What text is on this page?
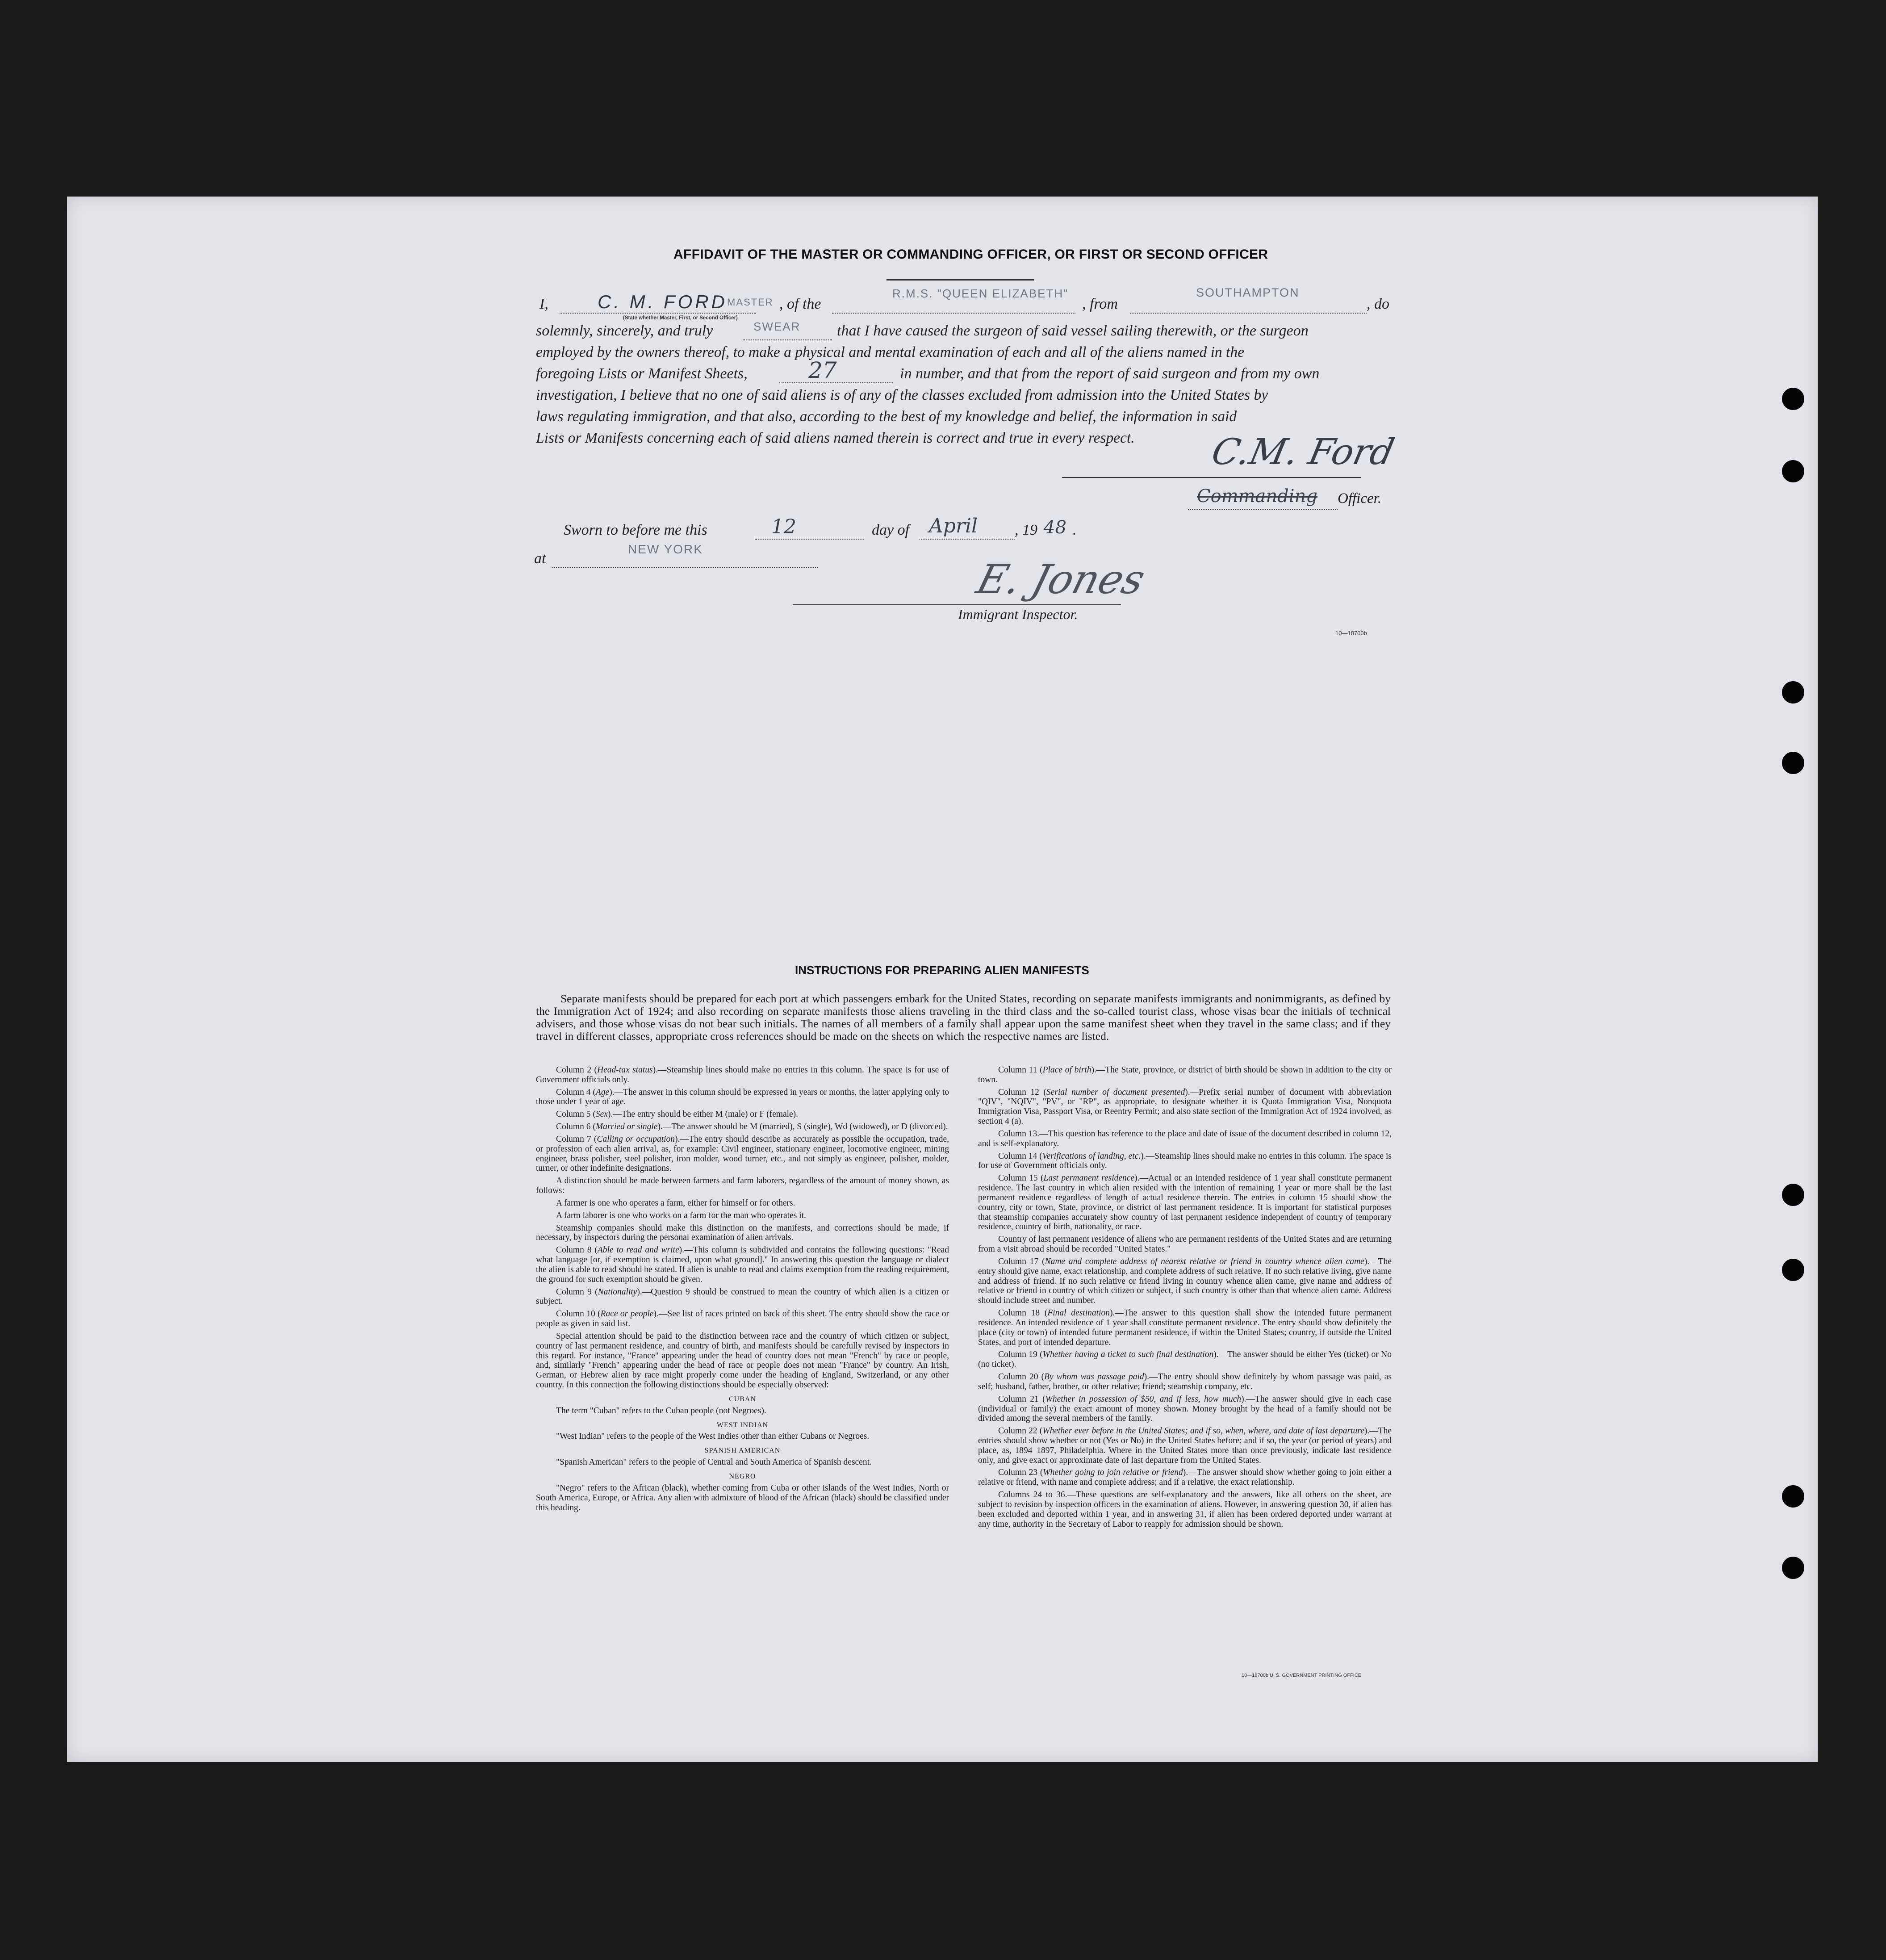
AFFIDAVIT OF THE MASTER OR COMMANDING OFFICER, OR FIRST OR SECOND OFFICER
I,	C. M. FORD MASTER , of the
R.M.S. "QUEEN ELIZABETH"
, from
SOUTHAMPTON
, do
(State whether Master, First, or Second Officer)
solemnly, sincerely, and truly	SWEAR that I have caused the surgeon of said vessel sailing therewith, or the surgeon
employed by the owners thereof, to make a physical and mental examination of each and all of the aliens named in the
foregoing Lists or Manifest Sheets,	27	in number, and that from the report of said surgeon and from my own
investigation, I believe that no one of said aliens is of any of the classes excluded from admission into the United States by
laws regulating immigration, and that also, according to the best of my knowledge and belief, the information in said
Lists or Manifests concerning each of said aliens named therein is correct and true in every respect. C.M. Ford
Commanding Officer.
Sworn to before me this	12	day of April , 19 48 .
at
NEW YORK
E. Jones
Immigrant Inspector.
10—18700b
INSTRUCTIONS FOR PREPARING ALIEN MANIFESTS

Separate manifests should be prepared for each port at which passengers embark for the United States, recording on separate manifests immigrants and nonimmigrants, as defined by the Immigration Act of 1924; and also recording on separate manifests those aliens traveling in the third class and the so-called tourist class, whose visas bear the initials of technical advisers, and those whose visas do not bear such initials. The names of all members of a family shall appear upon the same manifest sheet when they travel in the same class; and if they travel in different classes, appropriate cross references should be made on the sheets on which the respective names are listed.

Column 2 (Head-tax status).—Steamship lines should make no entries in this column. The space is for use of Government officials only.

Column 4 (Age).—The answer in this column should be expressed in years or months, the latter applying only to those under 1 year of age.

Column 5 (Sex).—The entry should be either M (male) or F (female).

Column 6 (Married or single).—The answer should be M (married), S (single), Wd (widowed), or D (divorced).

Column 7 (Calling or occupation).—The entry should describe as accurately as possible the occupation, trade, or profession of each alien arrival, as, for example: Civil engineer, stationary engineer, locomotive engineer, mining engineer, brass polisher, steel polisher, iron molder, wood turner, etc., and not simply as engineer, polisher, molder, turner, or other indefinite designations.

A distinction should be made between farmers and farm laborers, regardless of the amount of money shown, as follows:

A farmer is one who operates a farm, either for himself or for others.

A farm laborer is one who works on a farm for the man who operates it.

Steamship companies should make this distinction on the manifests, and corrections should be made, if necessary, by inspectors during the personal examination of alien arrivals.

Column 8 (Able to read and write).—This column is subdivided and contains the following questions: "Read what language [or, if exemption is claimed, upon what ground]." In answering this question the language or dialect the alien is able to read should be stated. If alien is unable to read and claims exemption from the reading requirement, the ground for such exemption should be given.

Column 9 (Nationality).—Question 9 should be construed to mean the country of which alien is a citizen or subject.

Column 10 (Race or people).—See list of races printed on back of this sheet. The entry should show the race or people as given in said list.

Special attention should be paid to the distinction between race and the country of which citizen or subject, country of last permanent residence, and country of birth, and manifests should be carefully revised by inspectors in this regard. For instance, "France" appearing under the head of country does not mean "French" by race or people, and, similarly "French" appearing under the head of race or people does not mean "France" by country. An Irish, German, or Hebrew alien by race might properly come under the heading of England, Switzerland, or any other country. In this connection the following distinctions should be especially observed:

CUBAN

The term "Cuban" refers to the Cuban people (not Negroes).

WEST INDIAN

"West Indian" refers to the people of the West Indies other than either Cubans or Negroes.

SPANISH AMERICAN

"Spanish American" refers to the people of Central and South America of Spanish descent.

NEGRO

"Negro" refers to the African (black), whether coming from Cuba or other islands of the West Indies, North or South America, Europe, or Africa. Any alien with admixture of blood of the African (black) should be classified under this heading.

Column 11 (Place of birth).—The State, province, or district of birth should be shown in addition to the city or town.

Column 12 (Serial number of document presented).—Prefix serial number of document with abbreviation "QIV", "NQIV", "PV", or "RP", as appropriate, to designate whether it is Quota Immigration Visa, Nonquota Immigration Visa, Passport Visa, or Reentry Permit; and also state section of the Immigration Act of 1924 involved, as section 4 (a).

Column 13.—This question has reference to the place and date of issue of the document described in column 12, and is self-explanatory.

Column 14 (Verifications of landing, etc.).—Steamship lines should make no entries in this column. The space is for use of Government officials only.

Column 15 (Last permanent residence).—Actual or an intended residence of 1 year shall constitute permanent residence. The last country in which alien resided with the intention of remaining 1 year or more shall be the last permanent residence regardless of length of actual residence therein. The entries in column 15 should show the country, city or town, State, province, or district of last permanent residence. It is important for statistical purposes that steamship companies accurately show country of last permanent residence independent of country of temporary residence, country of birth, nationality, or race.

Country of last permanent residence of aliens who are permanent residents of the United States and are returning from a visit abroad should be recorded "United States."

Column 17 (Name and complete address of nearest relative or friend in country whence alien came).—The entry should give name, exact relationship, and complete address of such relative. If no such relative living, give name and address of friend. If no such relative or friend living in country whence alien came, give name and address of relative or friend in country of which citizen or subject, if such country is other than that whence alien came. Address should include street and number.

Column 18 (Final destination).—The answer to this question shall show the intended future permanent residence. An intended residence of 1 year shall constitute permanent residence. The entry should show definitely the place (city or town) of intended future permanent residence, if within the United States; country, if outside the United States, and port of intended departure.

Column 19 (Whether having a ticket to such final destination).—The answer should be either Yes (ticket) or No (no ticket).

Column 20 (By whom was passage paid).—The entry should show definitely by whom passage was paid, as self; husband, father, brother, or other relative; friend; steamship company, etc.

Column 21 (Whether in possession of $50, and if less, how much).—The answer should give in each case (individual or family) the exact amount of money shown. Money brought by the head of a family should not be divided among the several members of the family.

Column 22 (Whether ever before in the United States; and if so, when, where, and date of last departure).—The entries should show whether or not (Yes or No) in the United States before; and if so, the year (or period of years) and place, as, 1894–1897, Philadelphia. Where in the United States more than once previously, indicate last residence only, and give exact or approximate date of last departure from the United States.

Column 23 (Whether going to join relative or friend).—The answer should show whether going to join either a relative or friend, with name and complete address; and if a relative, the exact relationship.

Columns 24 to 36.—These questions are self-explanatory and the answers, like all others on the sheet, are subject to revision by inspection officers in the examination of aliens. However, in answering question 30, if alien has been excluded and deported within 1 year, and in answering 31, if alien has been ordered deported under warrant at any time, authority in the Secretary of Labor to reapply for admission should be shown.

10—18700b U. S. GOVERNMENT PRINTING OFFICE
